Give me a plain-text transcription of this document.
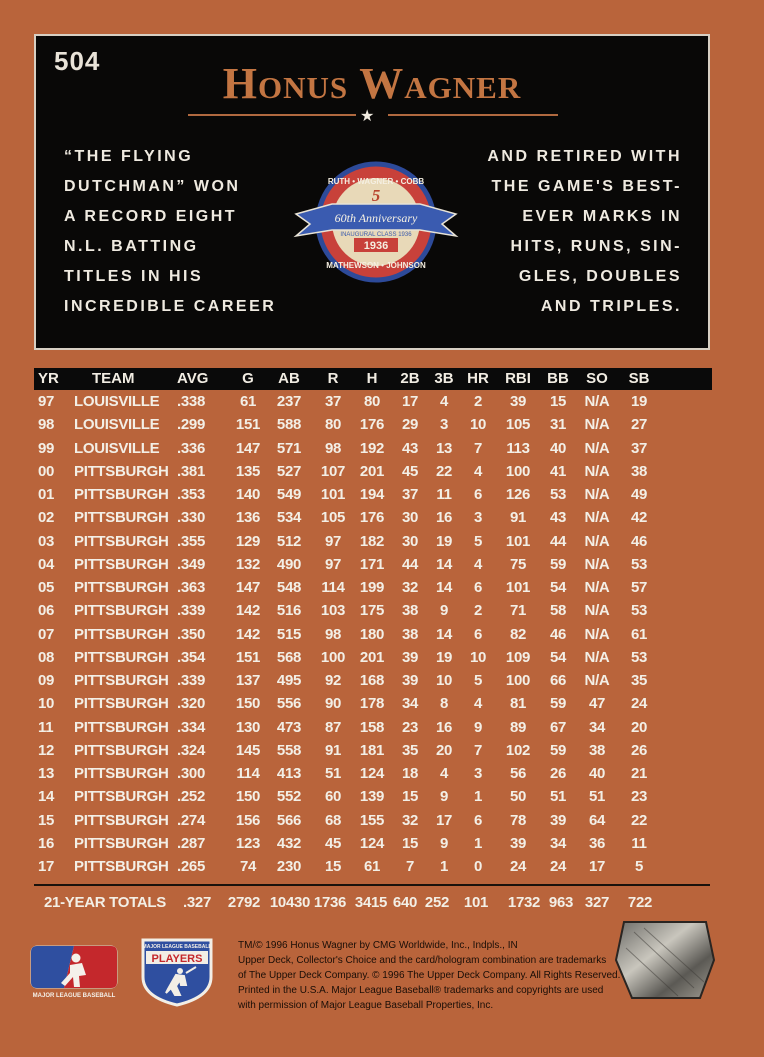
504	Honus Wagner
★
“THE FLYING
DUTCHMAN” WON
A RECORD EIGHT
N.L. BATTING
TITLES IN HIS
INCREDIBLE CAREER
AND RETIRED WITH
THE GAME'S BEST-
EVER MARKS IN
HITS, RUNS, SIN-
GLES, DOUBLES
AND TRIPLES.
RUTH • WAGNER • COBB
5
60th Anniversary
INAUGURAL CLASS 1936
1936
MATHEWSON • JOHNSON
YR TEAM	AVG	G	AB	R	H	2B 3B HR RBI BB	SO	SB
97	LOUISVILLE	.338	61	237	37	80	17	4	2	39	15	N/A	19
98	LOUISVILLE	.299	151	588	80	176	29	3	10 105	31	N/A	27
99	LOUISVILLE	.336	147	571	98	192	43	13	7	113	40	N/A	37
00	PITTSBURGH .381	135	527	107 201	45	22	4	100	41	N/A	38
01	PITTSBURGH .353	140	549	101 194	37	11	6	126	53	N/A	49
02	PITTSBURGH .330	136	534	105 176	30	16	3	91	43	N/A	42
03	PITTSBURGH .355	129	512	97	182	30	19	5	101	44	N/A	46
04	PITTSBURGH .349	132	490	97	171	44	14	4	75	59	N/A	53
05	PITTSBURGH .363	147	548	114 199	32	14	6	101	54	N/A	57
06	PITTSBURGH .339	142	516	103 175	38	9	2	71	58	N/A	53
07	PITTSBURGH .350	142	515	98	180	38	14	6	82	46	N/A	61
08	PITTSBURGH .354	151	568	100 201	39	19 10 109	54	N/A	53
09	PITTSBURGH .339	137	495	92	168	39	10	5	100	66	N/A	35
10	PITTSBURGH .320	150	556	90	178	34	8	4	81	59	47	24
11	PITTSBURGH .334	130	473	87	158	23	16	9	89	67	34	20
12	PITTSBURGH .324	145	558	91	181	35	20	7	102	59	38	26
13	PITTSBURGH .300	114	413	51	124	18	4	3	56	26	40	21
14	PITTSBURGH .252	150	552	60	139	15	9	1	50	51	51	23
15	PITTSBURGH .274	156	566	68	155	32	17	6	78	39	64	22
16	PITTSBURGH .287	123	432	45	124	15	9	1	39	34	36	11
17	PITTSBURGH .265	74	230	15	61	7	1	0	24	24	17	5
21-YEAR TOTALS	.327	2792 10430 1736 3415 640 252 101 1732 963 327	722
MAJOR LEAGUE BASEBALL
MAJOR LEAGUE BASEBALL
PLAYERS
TM/© 1996 Honus Wagner by CMG Worldwide, Inc., Indpls., IN
Upper Deck, Collector's Choice and the card/hologram combination are trademarks
of The Upper Deck Company. © 1996 The Upper Deck Company. All Rights Reserved.
Printed in the U.S.A. Major League Baseball® trademarks and copyrights are used
with permission of Major League Baseball Properties, Inc.
